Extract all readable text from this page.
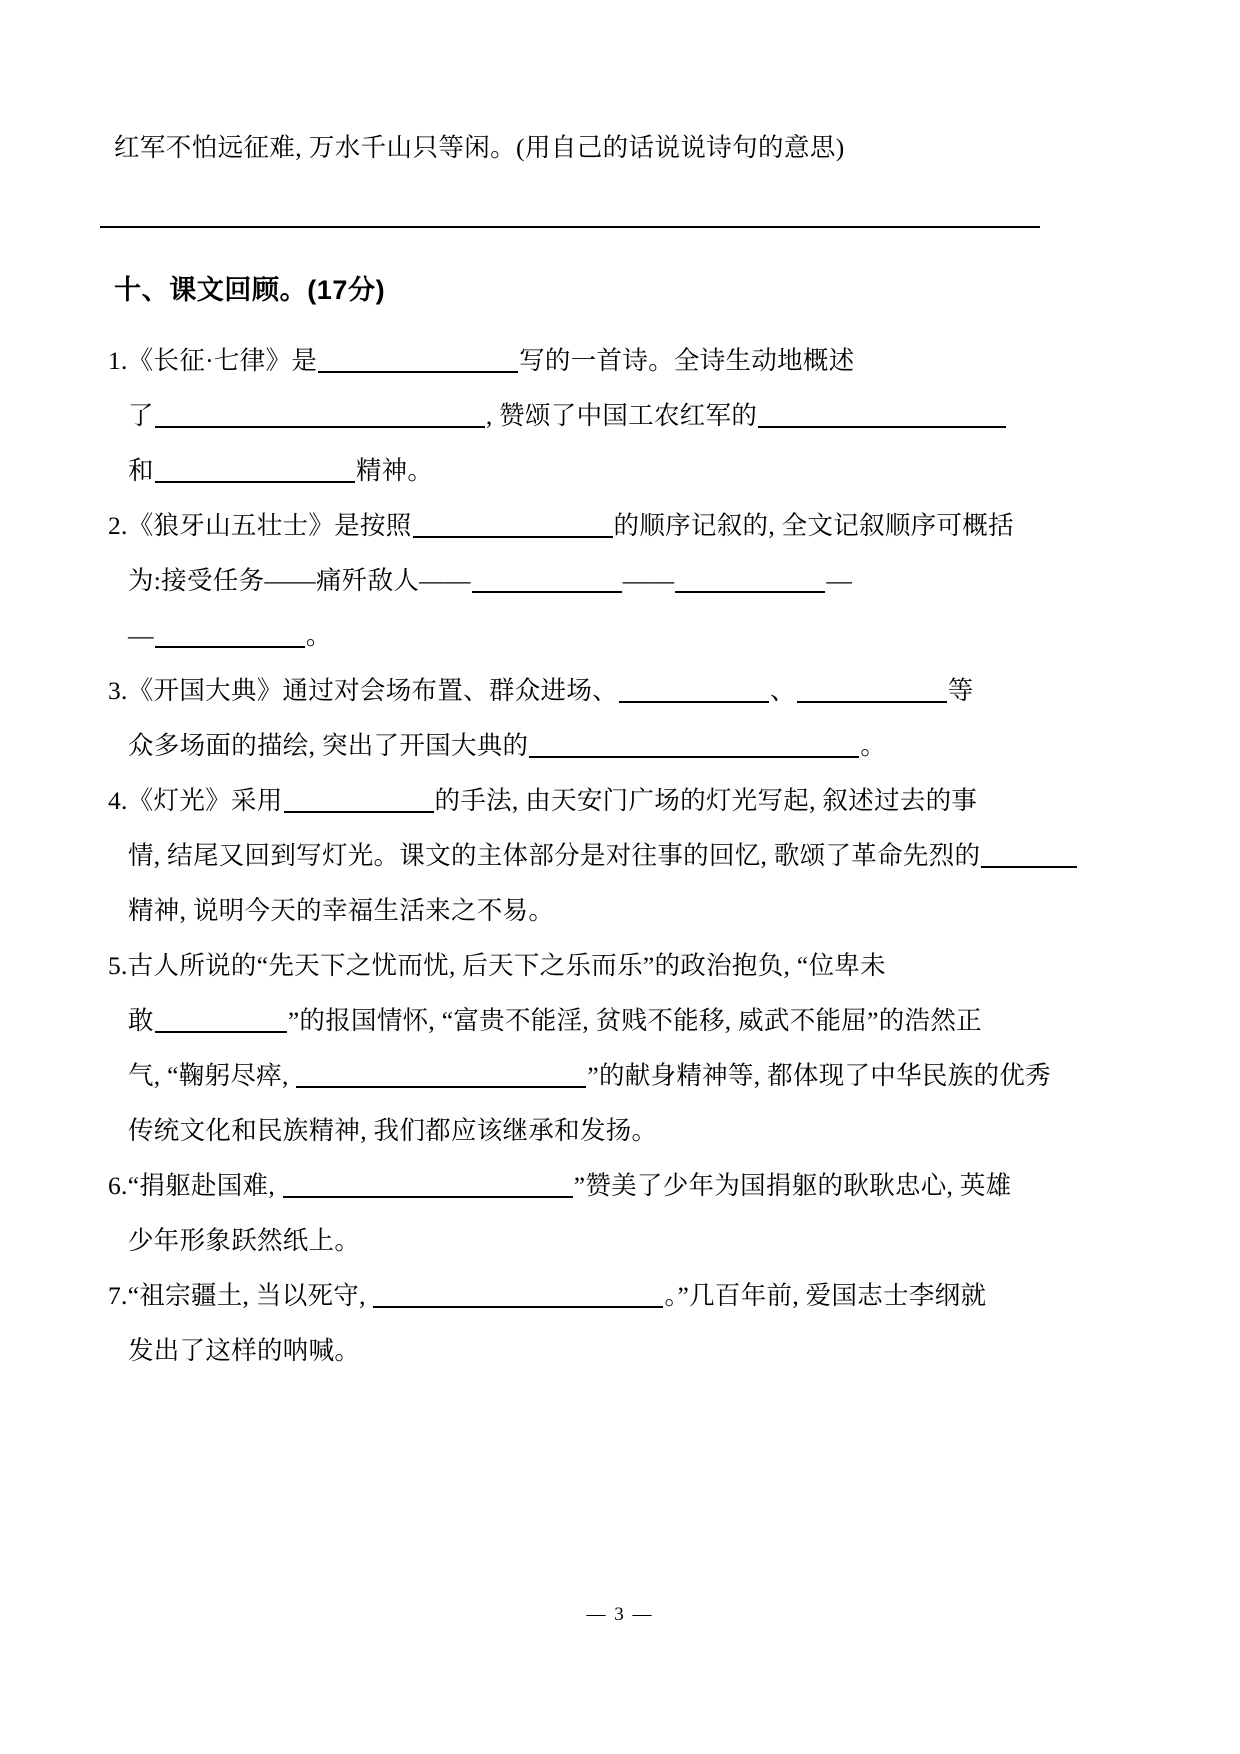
红军不怕远征难, 万水千山只等闲。(用自己的话说说诗句的意思)

十、课文回顾。(17分)
1.《长征·七律》是	写的一首诗。全诗生动地概述
了	, 赞颂了中国工农红军的
和	精神。
2.《狼牙山五壮士》是按照	的顺序记叙的, 全文记叙顺序可概括
为:接受任务——痛歼敌人——	——	—
—	。
3.《开国大典》通过对会场布置、群众进场、	、	等
众多场面的描绘, 突出了开国大典的	。
4.《灯光》采用	的手法, 由天安门广场的灯光写起, 叙述过去的事
情, 结尾又回到写灯光。课文的主体部分是对往事的回忆, 歌颂了革命先烈的
精神, 说明今天的幸福生活来之不易。
5.古人所说的“先天下之忧而忧, 后天下之乐而乐”的政治抱负, “位卑未
敢	”的报国情怀, “富贵不能淫, 贫贱不能移, 威武不能屈”的浩然正
气, “鞠躬尽瘁,	”的献身精神等, 都体现了中华民族的优秀
传统文化和民族精神, 我们都应该继承和发扬。
6.“捐躯赴国难,	”赞美了少年为国捐躯的耿耿忠心, 英雄
少年形象跃然纸上。
7.“祖宗疆土, 当以死守,	。”几百年前, 爱国志士李纲就
发出了这样的呐喊。
— 3 —
